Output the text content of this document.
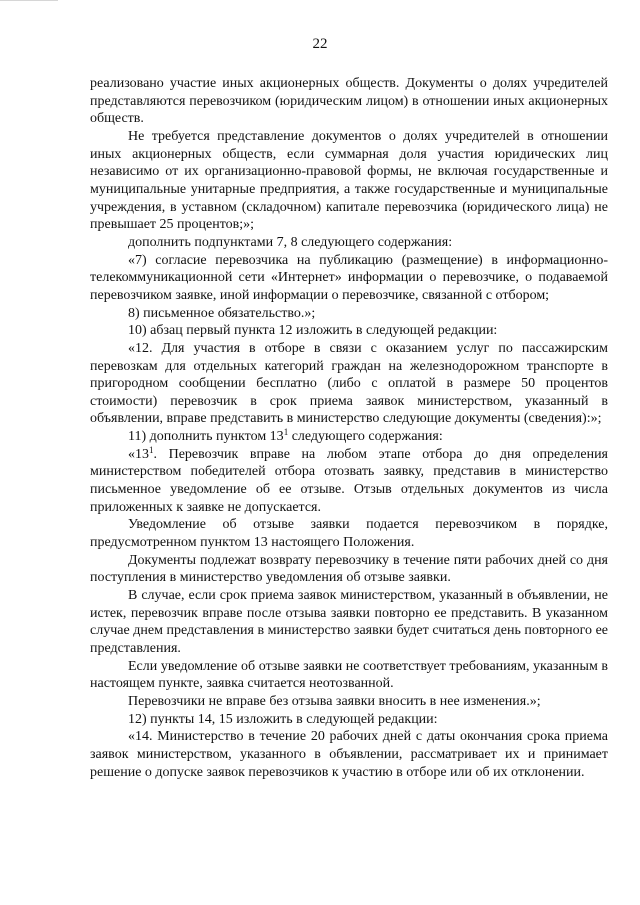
22

реализовано участие иных акционерных обществ. Документы о долях учредителей представляются перевозчиком (юридическим лицом) в отношении иных акционерных обществ.

Не требуется представление документов о долях учредителей в отношении иных акционерных обществ, если суммарная доля участия юридических лиц независимо от их организационно-правовой формы, не включая государственные и муниципальные унитарные предприятия, а также государственные и муниципальные учреждения, в уставном (складочном) капитале перевозчика (юридического лица) не превышает 25 процентов;»;

дополнить подпунктами 7, 8 следующего содержания:

«7) согласие перевозчика на публикацию (размещение) в информационно-телекоммуникационной сети «Интернет» информации о перевозчике, о подаваемой перевозчиком заявке, иной информации о перевозчике, связанной с отбором;

8) письменное обязательство.»;

10) абзац первый пункта 12 изложить в следующей редакции:

«12. Для участия в отборе в связи с оказанием услуг по пассажирским перевозкам для отдельных категорий граждан на железнодорожном транспорте в пригородном сообщении бесплатно (либо с оплатой в размере 50 процентов стоимости) перевозчик в срок приема заявок министерством, указанный в объявлении, вправе представить в министерство следующие документы (сведения):»;

11) дополнить пунктом $13^1$ следующего содержания:

«$13^1$. Перевозчик вправе на любом этапе отбора до дня определения министерством победителей отбора отозвать заявку, представив в министерство письменное уведомление об ее отзыве. Отзыв отдельных документов из числа приложенных к заявке не допускается.

Уведомление об отзыве заявки подается перевозчиком в порядке, предусмотренном пунктом 13 настоящего Положения.

Документы подлежат возврату перевозчику в течение пяти рабочих дней со дня поступления в министерство уведомления об отзыве заявки.

В случае, если срок приема заявок министерством, указанный в объявлении, не истек, перевозчик вправе после отзыва заявки повторно ее представить. В указанном случае днем представления в министерство заявки будет считаться день повторного ее представления.

Если уведомление об отзыве заявки не соответствует требованиям, указанным в настоящем пункте, заявка считается неотозванной.

Перевозчики не вправе без отзыва заявки вносить в нее изменения.»;

12) пункты 14, 15 изложить в следующей редакции:

«14. Министерство в течение 20 рабочих дней с даты окончания срока приема заявок министерством, указанного в объявлении, рассматривает их и принимает решение о допуске заявок перевозчиков к участию в отборе или об их отклонении.
